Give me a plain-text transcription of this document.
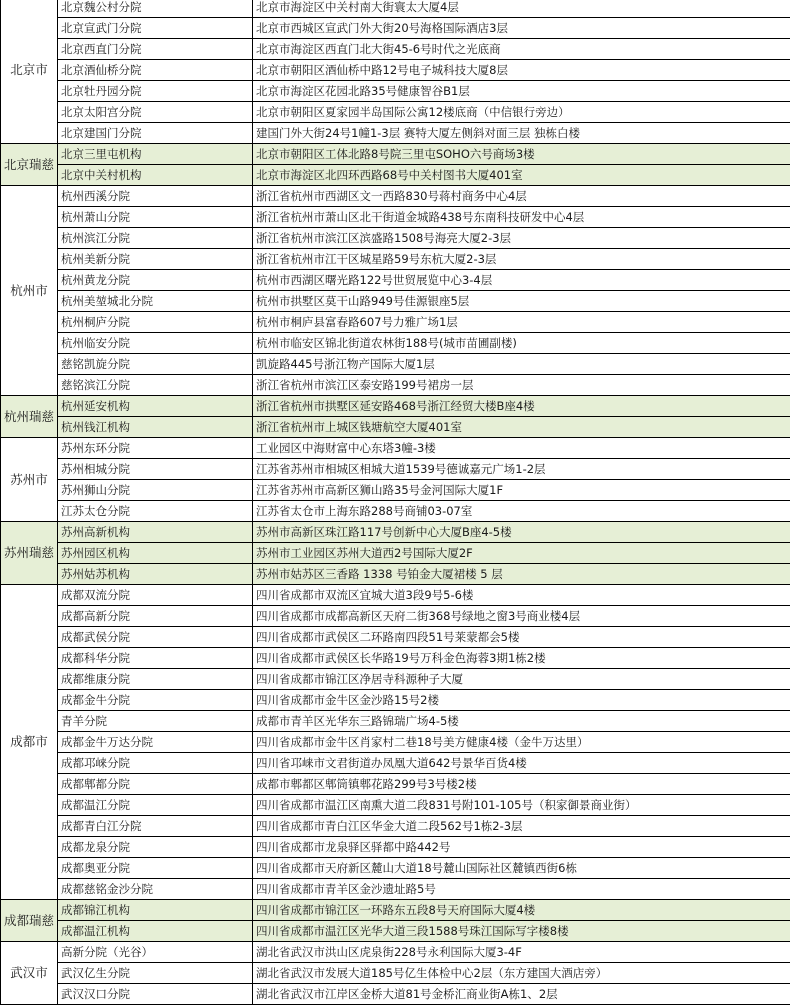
北京市	北京魏公村分院	北京市海淀区中关村南大街寰太大厦4层
	北京宣武门分院	北京市西城区宣武门外大街20号海格国际酒店3层
	北京西直门分院	北京市海淀区西直门北大街45-6号时代之光底商
	北京酒仙桥分院	北京市朝阳区酒仙桥中路12号电子城科技大厦8层
	北京牡丹园分院	北京市海淀区花园北路35号健康智谷B1层
	北京太阳宫分院	北京市朝阳区夏家园半岛国际公寓12楼底商（中信银行旁边）
	北京建国门分院	建国门外大街24号1幢1-3层 赛特大厦左侧斜对面三层 独栋白楼
北京瑞慈	北京三里屯机构	北京市朝阳区工体北路8号院三里屯SOHO六号商场3楼
	北京中关村机构	北京市海淀区北四环西路68号中关村图书大厦401室
杭州市	杭州西溪分院	浙江省杭州市西湖区文一西路830号蒋村商务中心4层
	杭州萧山分院	浙江省杭州市萧山区北干街道金城路438号东南科技研发中心4层
	杭州滨江分院	浙江省杭州市滨江区滨盛路1508号海亮大厦2-3层
	杭州美新分院	浙江省杭州市江干区城星路59号东杭大厦2-3层
	杭州黄龙分院	杭州市西湖区曙光路122号世贸展览中心3-4层
	杭州美堃城北分院	杭州市拱墅区莫干山路949号佳源银座5层
	杭州桐庐分院	杭州市桐庐县富春路607号力雅广场1层
	杭州临安分院	杭州市临安区锦北街道农林街188号(城市苗圃副楼)
	慈铭凯旋分院	凯旋路445号浙江物产国际大厦1层
	慈铭滨江分院	浙江省杭州市滨江区泰安路199号裙房一层
杭州瑞慈	杭州延安机构	浙江省杭州市拱墅区延安路468号浙江经贸大楼B座4楼
	杭州钱江机构	浙江省杭州市上城区钱塘航空大厦401室
苏州市	苏州东环分院	工业园区中海财富中心东塔3幢-3楼
	苏州相城分院	江苏省苏州市相城区相城大道1539号德诚嘉元广场1-2层
	苏州狮山分院	江苏省苏州市高新区狮山路35号金河国际大厦1F
	江苏太仓分院	江苏省太仓市上海东路288号商铺03-07室
苏州瑞慈	苏州高新机构	苏州市高新区珠江路117号创新中心大厦B座4-5楼
	苏州园区机构	苏州市工业园区苏州大道西2号国际大厦2F
	苏州姑苏机构	苏州市姑苏区三香路 1338 号铂金大厦裙楼 5 层
成都市	成都双流分院	四川省成都市双流区宜城大道3段9号5-6楼
	成都高新分院	四川省成都市成都高新区天府二街368号绿地之窗3号商业楼4层
	成都武侯分院	四川省成都市武侯区二环路南四段51号莱蒙都会5楼
	成都科华分院	四川省成都市武侯区长华路19号万科金色海蓉3期1栋2楼
	成都维康分院	四川省成都市锦江区净居寺科源种子大厦
	成都金牛分院	四川省成都市金牛区金沙路15号2楼
	青羊分院	成都市青羊区光华东三路锦瑞广场4-5楼
	成都金牛万达分院	四川省成都市金牛区肖家村二巷18号美方健康4楼（金牛万达里）
	成都邛崃分院	四川省邛崃市文君街道办凤凰大道642号景华百货4楼
	成都郫都分院	成都市郫都区郫筒镇郫花路299号3号楼2楼
	成都温江分院	四川省成都市温江区南熏大道二段831号附101-105号（积家御景商业街）
	成都青白江分院	四川省成都市青白江区华金大道二段562号1栋2-3层
	成都龙泉分院	四川省成都市龙泉驿区驿都中路442号
	成都奥亚分院	四川省成都市天府新区麓山大道18号麓山国际社区麓镇西街6栋
	成都慈铭金沙分院	四川省成都市青羊区金沙遗址路5号
成都瑞慈	成都锦江机构	四川省成都市锦江区一环路东五段8号天府国际大厦4楼
	成都温江机构	四川省成都市温江区光华大道三段1588号珠江国际写字楼8楼
武汉市	高新分院（光谷）	湖北省武汉市洪山区虎泉街228号永利国际大厦3-4F
	武汉亿生分院	湖北省武汉市发展大道185号亿生体检中心2层（东方建国大酒店旁）
	武汉汉口分院	湖北省武汉市江岸区金桥大道81号金桥汇商业街A栋1、2层
